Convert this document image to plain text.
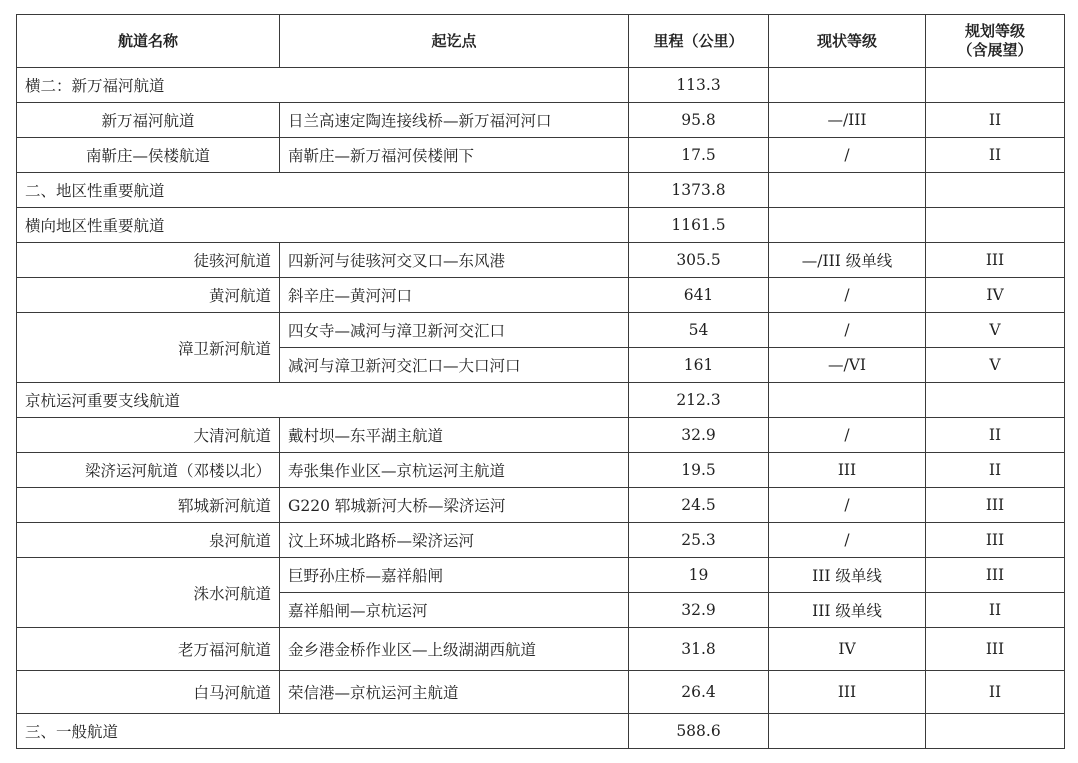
航道名称	起讫点	里程（公里）	现状等级	规划等级
（含展望）
横二：新万福河航道		113.3		
新万福河航道	日兰高速定陶连接线桥—新万福河河口	95.8	—/III	II
南靳庄—侯楼航道	南靳庄—新万福河侯楼闸下	17.5	/	II
二、地区性重要航道		1373.8		
横向地区性重要航道		1161.5		
徒骇河航道	四新河与徒骇河交叉口—东风港	305.5	—/III 级单线	III
黄河航道	斜辛庄—黄河河口	641	/	IV
漳卫新河航道	四女寺—减河与漳卫新河交汇口	54	/	V
	减河与漳卫新河交汇口—大口河口	161	—/VI	V
京杭运河重要支线航道		212.3		
大清河航道	戴村坝—东平湖主航道	32.9	/	II
梁济运河航道（邓楼以北）	寿张集作业区—京杭运河主航道	19.5	III	II
郓城新河航道	G220 郓城新河大桥—梁济运河	24.5	/	III
泉河航道	汶上环城北路桥—梁济运河	25.3	/	III
洙水河航道	巨野孙庄桥—嘉祥船闸	19	III 级单线	III
	嘉祥船闸—京杭运河	32.9	III 级单线	II
老万福河航道	金乡港金桥作业区—上级湖湖西航道	31.8	IV	III
白马河航道	荣信港—京杭运河主航道	26.4	III	II
三、一般航道		588.6		
